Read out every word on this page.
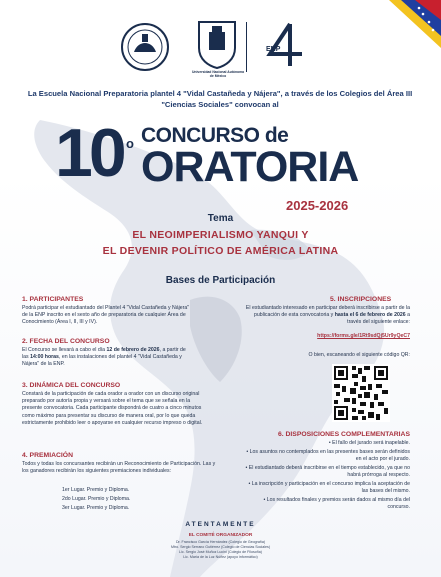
Universidad Nacional Autónoma de México
ENP
La Escuela Nacional Preparatoria plantel 4 "Vidal Castañeda y Nájera", a través de los Colegios del Área III "Ciencias Sociales" convocan al
10 o CONCURSO de
ORATORIA
2025-2026
Tema
EL NEOIMPERIALISMO YANQUI Y
EL DEVENIR POLÍTICO DE AMÉRICA LATINA
Bases de Participación
1. PARTICIPANTES
Podrá participar el estudiantado del Plantel 4 "Vidal Castañeda y Nájera" de la ENP inscrito en el sexto año de preparatoria de cualquier Área de Conocimiento (Área I, II, III y IV).
2. FECHA DEL CONCURSO
El Concurso se llevará a cabo el día 12 de febrero de 2026, a partir de las 14:00 horas, en las instalaciones del plantel 4 "Vidal Castañeda y Nájera" de la ENP.
3. DINÁMICA DEL CONCURSO
Constará de la participación de cada orador a orador con un discurso original preparado por autoría propia y versará sobre el tema que se señala en la presente convocatoria. Cada participante dispondrá de cuatro a cinco minutos como máximo para presentar su discurso de manera oral, por lo que queda estrictamente prohibido leer o apoyarse en cualquier recurso impreso o digital.
4. PREMIACIÓN
Todos y todas los concursantes recibirán un Reconocimiento de Participación. Las y los ganadores recibirán los siguientes premiaciones individuales:
1er Lugar. Premio y Diploma.
2do Lugar. Premio y Diploma.
3er Lugar. Premio y Diploma.
5. INSCRIPCIONES
El estudiantado interesado en participar deberá inscribirse a partir de la publicación de esta convocatoria y hasta el 6 de febrero de 2026 a través del siguiente enlace:
https://forms.gle/1Rt9sdQj5Ur9yQeC7
O bien, escaneando el siguiente código QR:
6. DISPOSICIONES COMPLEMENTARIAS
• El fallo del jurado será inapelable.
• Los asuntos no contemplados en las presentes bases serán definidos en el acto por el jurado.
• El estudiantado deberá inscribirse en el tiempo establecido, ya que no habrá prórroga al respecto.
• La inscripción y participación en el concurso implica la aceptación de las bases del mismo.
• Los resultados finales y premios serán dados al mismo día del concurso.
ATENTAMENTE
EL COMITÉ ORGANIZADOR
Dr. Francisco García Hernández (Colegio de Geografía)
Mtro. Sergio Serrano Gutiérrez (Colegio de Ciencias Sociales)
Lic. Sergio José Muñoz Lucini (Colegio de Filosofía)
Lic. María de la Luz Núñez (apoyo informático)
